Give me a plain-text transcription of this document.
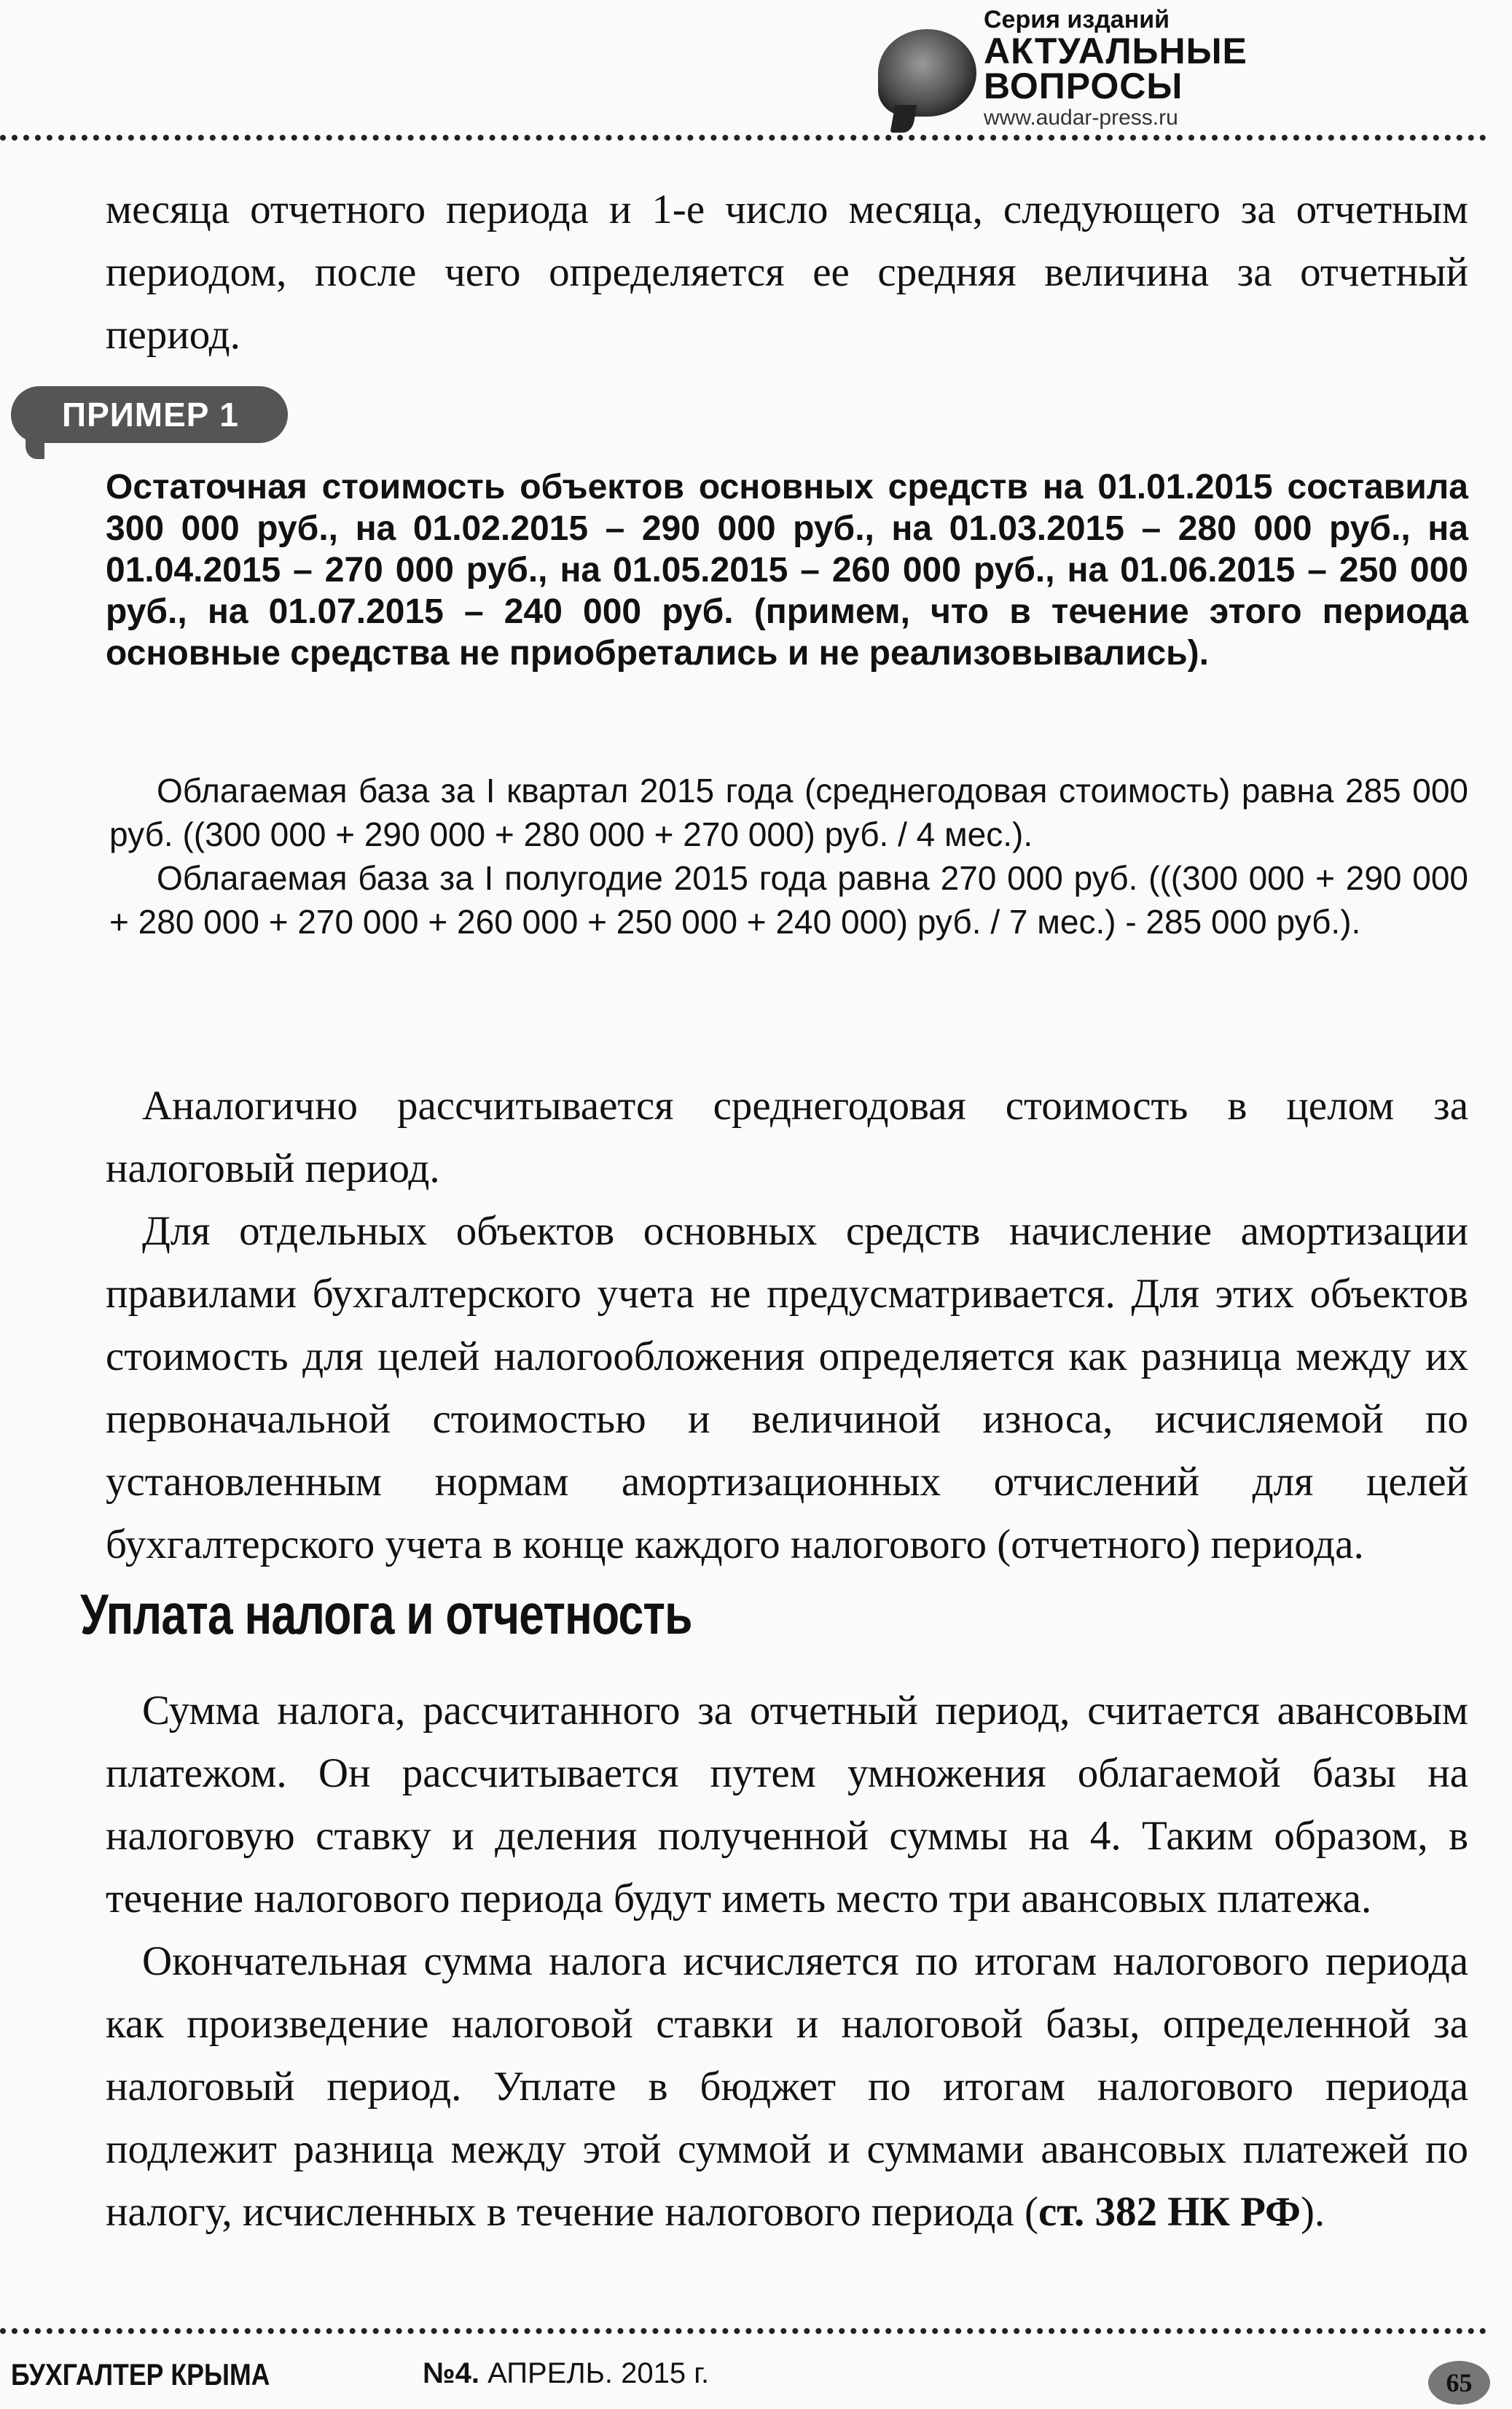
Серия изданий
АКТУАЛЬНЫЕ
ВОПРОСЫ
www.audar-press.ru

месяца отчетного периода и 1-е число месяца, следующего за отчетным периодом, после чего определяется ее средняя величина за отчетный период.

ПРИМЕР 1
Остаточная стоимость объектов основных средств на 01.01.2015 составила 300 000 руб., на 01.02.2015 – 290 000 руб., на 01.03.2015 – 280 000 руб., на 01.04.2015 – 270 000 руб., на 01.05.2015 – 260 000 руб., на 01.06.2015 – 250 000 руб., на 01.07.2015 – 240 000 руб. (примем, что в течение этого периода основные средства не приобретались и не реализовывались).

Облагаемая база за I квартал 2015 года (среднегодовая стоимость) равна 285 000 руб. ((300 000 + 290 000 + 280 000 + 270 000) руб. / 4 мес.).

Облагаемая база за I полугодие 2015 года равна 270 000 руб. (((300 000 + 290 000 + 280 000 + 270 000 + 260 000 + 250 000 + 240 000) руб. / 7 мес.) - 285 000 руб.).

Аналогично рассчитывается среднегодовая стоимость в целом за налоговый период.

Для отдельных объектов основных средств начисление амортизации правилами бухгалтерского учета не предусматривается. Для этих объектов стоимость для целей налогообложения определяется как разница между их первоначальной стоимостью и величиной износа, исчисляемой по установленным нормам амортизационных отчислений для целей бухгалтерского учета в конце каждого налогового (отчетного) периода.

Уплата налога и отчетность

Сумма налога, рассчитанного за отчетный период, считается авансовым платежом. Он рассчитывается путем умножения облагаемой базы на налоговую ставку и деления полученной суммы на 4. Таким образом, в течение налогового периода будут иметь место три авансовых платежа.

Окончательная сумма налога исчисляется по итогам налогового периода как произведение налоговой ставки и налоговой базы, определенной за налоговый период. Уплате в бюджет по итогам налогового периода подлежит разница между этой суммой и суммами авансовых платежей по налогу, исчисленных в течение налогового периода (ст. 382 НК РФ).

БУХГАЛТЕР КРЫМА	№4. АПРЕЛЬ. 2015 г.	65
